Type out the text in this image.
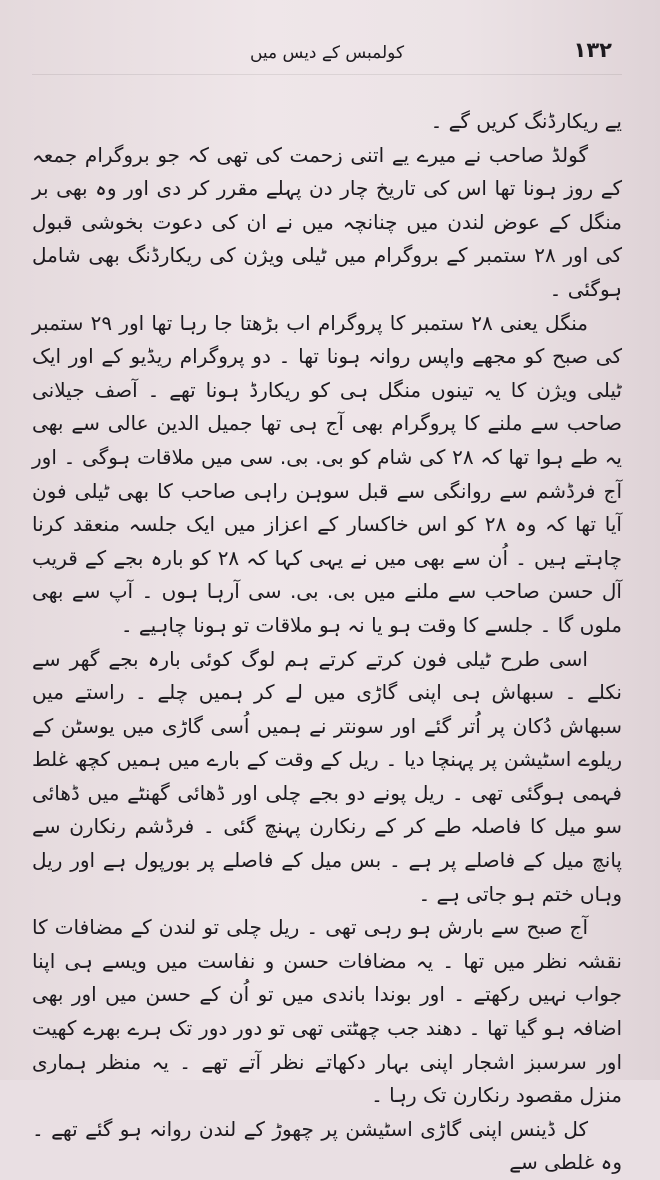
۱۳۲
کولمبس کے دیس میں

یے ریکارڈنگ کریں گے ۔

گولڈ صاحب نے میرے یے اتنی زحمت کی تھی کہ جو بروگرام جمعہ کے روز ہونا تھا اس کی تاریخ چار دن پہلے مقرر کر دی اور وہ بھی بر منگل کے عوض لندن میں چنانچہ میں نے ان کی دعوت بخوشی قبول کی اور ۲۸ ستمبر کے بروگرام میں ٹیلی ویژن کی ریکارڈنگ بھی شامل ہوگئی ۔

منگل یعنی ۲۸ ستمبر کا پروگرام اب بڑھتا جا رہا تھا اور ۲۹ ستمبر کی صبح کو مجھے واپس روانہ ہونا تھا ۔ دو پروگرام ریڈیو کے اور ایک ٹیلی ویژن کا یہ تینوں منگل ہی کو ریکارڈ ہونا تھے ۔ آصف جیلانی صاحب سے ملنے کا پروگرام بھی آج ہی تھا جمیل الدین عالی سے بھی یہ طے ہوا تھا کہ ۲۸ کی شام کو بی. بی. سی میں ملاقات ہوگی ۔ اور آج فرڈشم سے روانگی سے قبل سوہن راہی صاحب کا بھی ٹیلی فون آیا تھا کہ وہ ۲۸ کو اس خاکسار کے اعزاز میں ایک جلسہ منعقد کرنا چاہتے ہیں ۔ اُن سے بھی میں نے یہی کہا کہ ۲۸ کو بارہ بجے کے قریب آل حسن صاحب سے ملنے میں بی. بی. سی آرہا ہوں ۔ آپ سے بھی ملوں گا ۔ جلسے کا وقت ہو یا نہ ہو ملاقات تو ہونا چاہیے ۔

اسی طرح ٹیلی فون کرتے کرتے ہم لوگ کوئی بارہ بجے گھر سے نکلے ۔ سبھاش ہی اپنی گاڑی میں لے کر ہمیں چلے ۔ راستے میں سبھاش دُکان پر اُتر گئے اور سونتر نے ہمیں اُسی گاڑی میں یوسٹن کے ریلوے اسٹیشن پر پہنچا دیا ۔ ریل کے وقت کے بارے میں ہمیں کچھ غلط فہمی ہوگئی تھی ۔ ریل پونے دو بجے چلی اور ڈھائی گھنٹے میں ڈھائی سو میل کا فاصلہ طے کر کے رنکارن پہنچ گئی ۔ فرڈشم رنکارن سے پانچ میل کے فاصلے پر ہے ۔ بس میل کے فاصلے پر بورپول ہے اور ریل وہاں ختم ہو جاتی ہے ۔

آج صبح سے بارش ہو رہی تھی ۔ ریل چلی تو لندن کے مضافات کا نقشہ نظر میں تھا ۔ یہ مضافات حسن و نفاست میں ویسے ہی اپنا جواب نہیں رکھتے ۔ اور بوندا باندی میں تو اُن کے حسن میں اور بھی اضافہ ہو گیا تھا ۔ دھند جب چھٹتی تھی تو دور دور تک ہرے بھرے کھیت اور سرسبز اشجار اپنی بہار دکھاتے نظر آتے تھے ۔ یہ منظر ہماری منزل مقصود رنکارن تک رہا ۔

کل ڈینس اپنی گاڑی اسٹیشن پر چھوڑ کے لندن روانہ ہو گئے تھے ۔ وہ غلطی سے
